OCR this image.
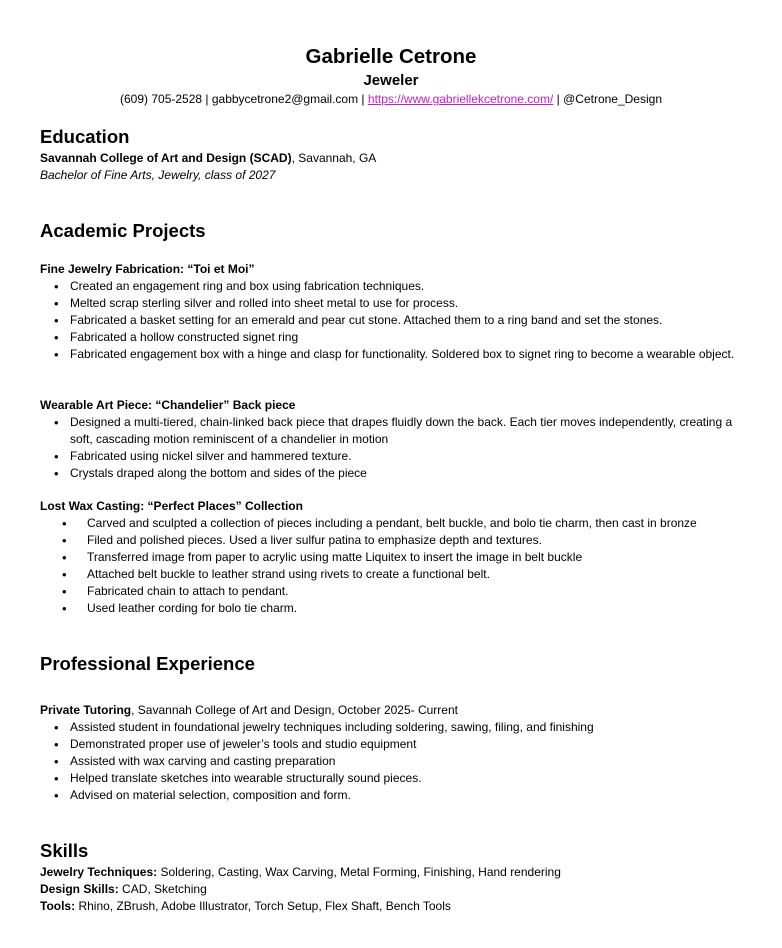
Gabrielle Cetrone
Jeweler
(609) 705-2528 | gabbycetrone2@gmail.com | https://www.gabriellekcetrone.com/ | @Cetrone_Design
Education
Savannah College of Art and Design (SCAD), Savannah, GA
Bachelor of Fine Arts, Jewelry, class of 2027
Academic Projects
Fine Jewelry Fabrication: “Toi et Moi”
• Created an engagement ring and box using fabrication techniques.
• Melted scrap sterling silver and rolled into sheet metal to use for process.
• Fabricated a basket setting for an emerald and pear cut stone. Attached them to a ring band and set the stones.
• Fabricated a hollow constructed signet ring
• Fabricated engagement box with a hinge and clasp for functionality. Soldered box to signet ring to become a wearable object.
Wearable Art Piece: “Chandelier” Back piece
• Designed a multi-tiered, chain-linked back piece that drapes fluidly down the back. Each tier moves independently, creating a soft, cascading motion reminiscent of a chandelier in motion
• Fabricated using nickel silver and hammered texture.
• Crystals draped along the bottom and sides of the piece
Lost Wax Casting: “Perfect Places” Collection
• Carved and sculpted a collection of pieces including a pendant, belt buckle, and bolo tie charm, then cast in bronze
• Filed and polished pieces. Used a liver sulfur patina to emphasize depth and textures.
• Transferred image from paper to acrylic using matte Liquitex to insert the image in belt buckle
• Attached belt buckle to leather strand using rivets to create a functional belt.
• Fabricated chain to attach to pendant.
• Used leather cording for bolo tie charm.
Professional Experience
Private Tutoring, Savannah College of Art and Design, October 2025- Current
• Assisted student in foundational jewelry techniques including soldering, sawing, filing, and finishing
• Demonstrated proper use of jeweler’s tools and studio equipment
• Assisted with wax carving and casting preparation
• Helped translate sketches into wearable structurally sound pieces.
• Advised on material selection, composition and form.
Skills
Jewelry Techniques: Soldering, Casting, Wax Carving, Metal Forming, Finishing, Hand rendering
Design Skills: CAD, Sketching
Tools: Rhino, ZBrush, Adobe Illustrator, Torch Setup, Flex Shaft, Bench Tools
